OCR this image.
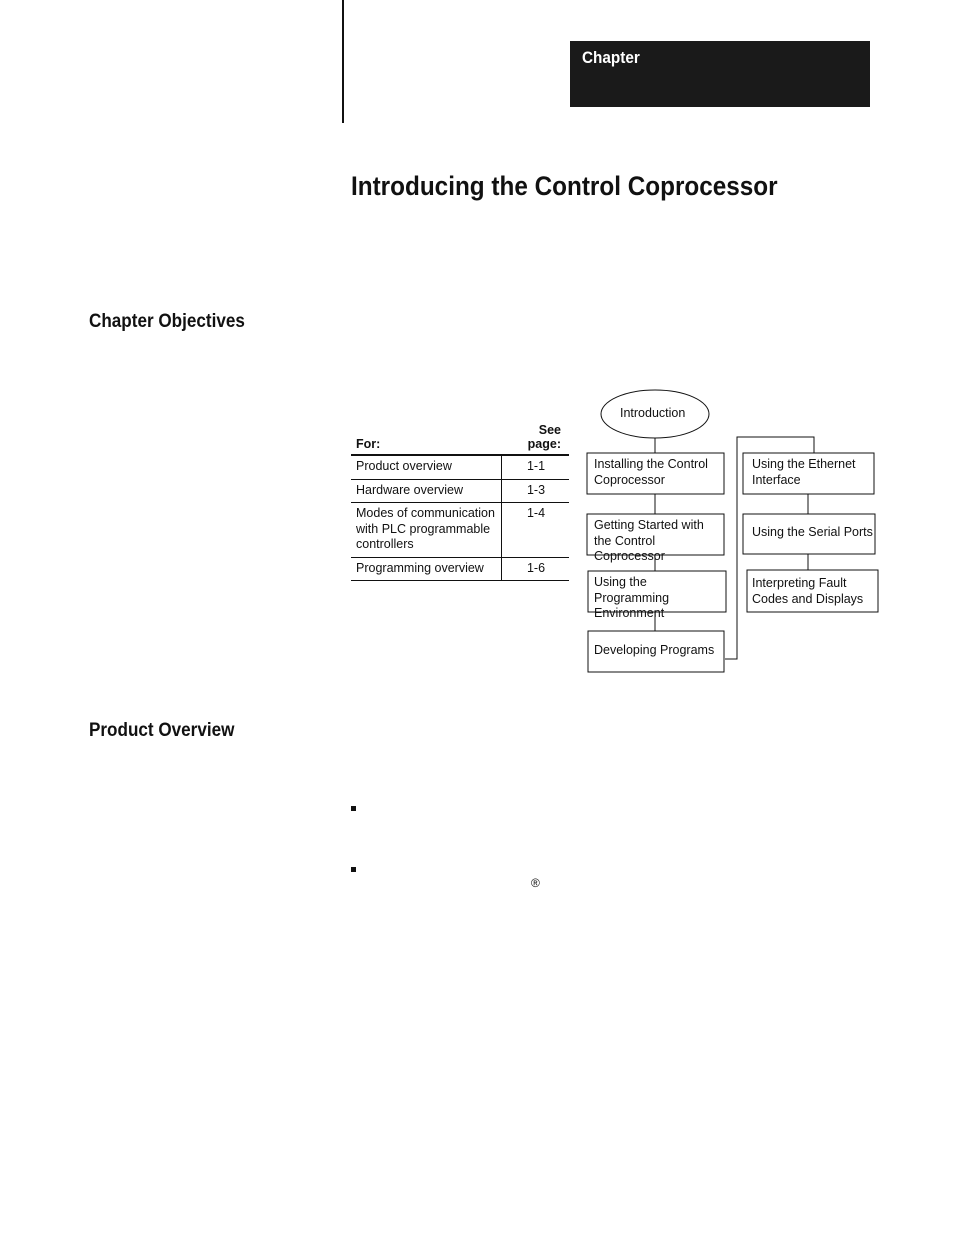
Chapter
Introducing the Control Coprocessor
Chapter Objectives
For:	See page:
Product overview	1-1
Hardware overview	1-3
Modes of communication with PLC programmable controllers	1-4
Programming overview	1-6
Introduction
Installing the Control Coprocessor
Getting Started with the Control Coprocessor
Using the Programming Environment
Developing Programs
Using the Ethernet Interface
Using the Serial Ports
Interpreting Fault Codes and Displays
Product Overview
®
